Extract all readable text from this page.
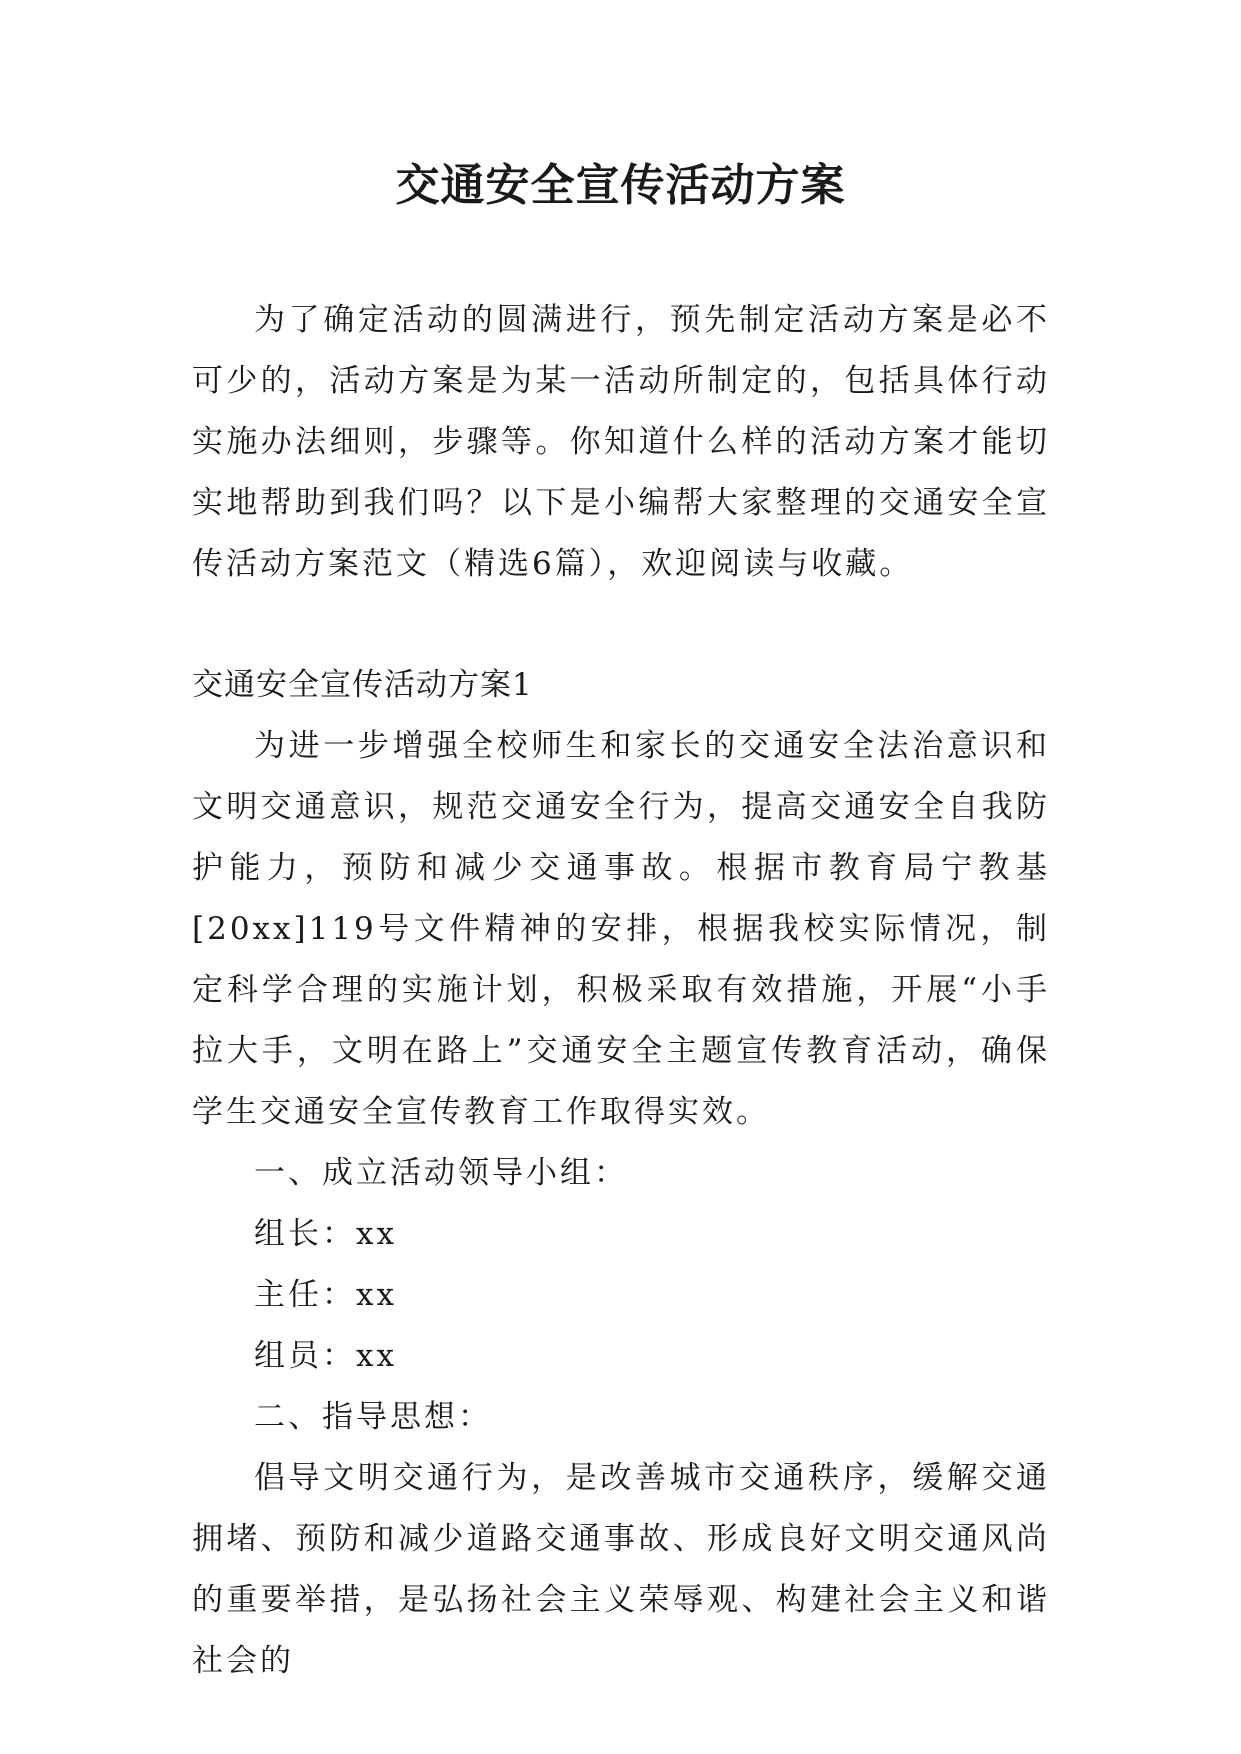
交通安全宣传活动方案

为了确定活动的圆满进行，预先制定活动方案是必不可少的，活动方案是为某一活动所制定的，包括具体行动实施办法细则，步骤等。你知道什么样的活动方案才能切实地帮助到我们吗？以下是小编帮大家整理的交通安全宣传活动方案范文（精选6篇），欢迎阅读与收藏。

交通安全宣传活动方案1

为进一步增强全校师生和家长的交通安全法治意识和文明交通意识，规范交通安全行为，提高交通安全自我防护能力，预防和减少交通事故。根据市教育局宁教基[20xx]119号文件精神的安排，根据我校实际情况，制定科学合理的实施计划，积极采取有效措施，开展“小手拉大手，文明在路上”交通安全主题宣传教育活动，确保学生交通安全宣传教育工作取得实效。

一、成立活动领导小组：

组长：xx

主任：xx

组员：xx

二、指导思想：

倡导文明交通行为，是改善城市交通秩序，缓解交通拥堵、预防和减少道路交通事故、形成良好文明交通风尚的重要举措，是弘扬社会主义荣辱观、构建社会主义和谐社会的
